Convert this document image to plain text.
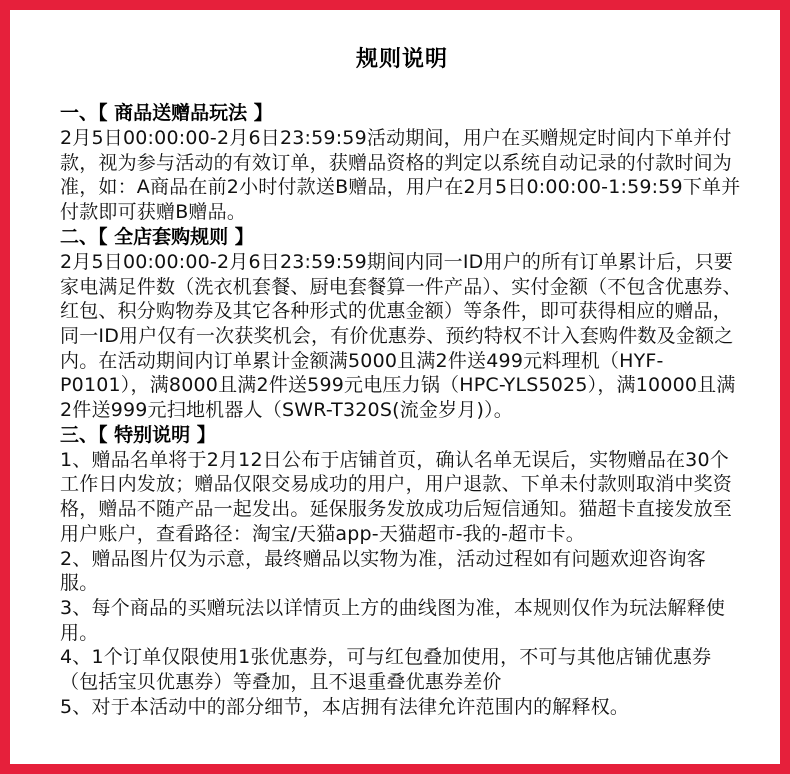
规则说明
一、【 商品送赠品玩法 】
2月5日00:00:00-2月6日23:59:59活动期间，用户在买赠规定时间内下单并付款，视为参与活动的有效订单，获赠品资格的判定以系统自动记录的付款时间为准，如：A商品在前2小时付款送B赠品，用户在2月5日0:00:00-1:59:59下单并付款即可获赠B赠品。
二、【 全店套购规则 】
2月5日00:00:00-2月6日23:59:59期间内同一ID用户的所有订单累计后，只要家电满足件数（洗衣机套餐、厨电套餐算一件产品）、实付金额（不包含优惠券、红包、积分购物券及其它各种形式的优惠金额）等条件，即可获得相应的赠品，同一ID用户仅有一次获奖机会，有价优惠券、预约特权不计入套购件数及金额之内。在活动期间内订单累计金额满5000且满2件送499元料理机（HYF-P0101），满8000且满2件送599元电压力锅（HPC-YLS5025），满10000且满2件送999元扫地机器人（SWR-T320S(流金岁月)）。
三、【 特别说明 】
1、赠品名单将于2月12日公布于店铺首页，确认名单无误后，实物赠品在30个工作日内发放；赠品仅限交易成功的用户，用户退款、下单未付款则取消中奖资格，赠品不随产品一起发出。延保服务发放成功后短信通知。猫超卡直接发放至用户账户，查看路径：淘宝/天猫app-天猫超市-我的-超市卡。
2、赠品图片仅为示意，最终赠品以实物为准，活动过程如有问题欢迎咨询客服。
3、每个商品的买赠玩法以详情页上方的曲线图为准，本规则仅作为玩法解释使用。
4、1个订单仅限使用1张优惠券，可与红包叠加使用，不可与其他店铺优惠券（包括宝贝优惠券）等叠加，且不退重叠优惠券差价
5、对于本活动中的部分细节，本店拥有法律允许范围内的解释权。
